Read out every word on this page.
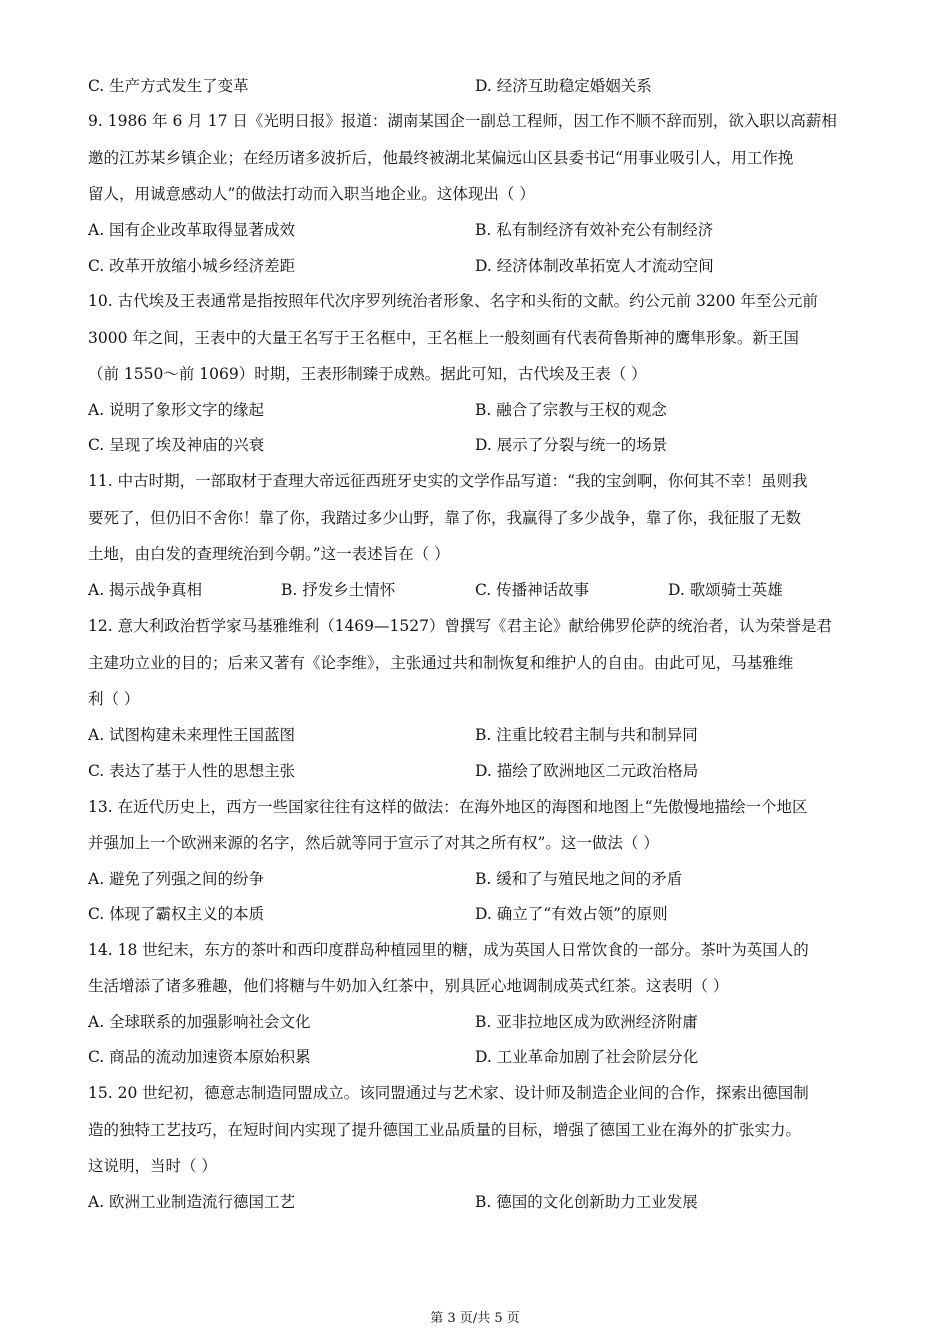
C. 生产方式发生了变革	D. 经济互助稳定婚姻关系
9. 1986 年 6 月 17 日《光明日报》报道：湖南某国企一副总工程师，因工作不顺不辞而别，欲入职以高薪相
邀的江苏某乡镇企业；在经历诸多波折后，他最终被湖北某偏远山区县委书记“用事业吸引人，用工作挽
留人，用诚意感动人”的做法打动而入职当地企业。这体现出（ ）
A. 国有企业改革取得显著成效	B. 私有制经济有效补充公有制经济
C. 改革开放缩小城乡经济差距	D. 经济体制改革拓宽人才流动空间
10. 古代埃及王表通常是指按照年代次序罗列统治者形象、名字和头衔的文献。约公元前 3200 年至公元前
3000 年之间，王表中的大量王名写于王名框中，王名框上一般刻画有代表荷鲁斯神的鹰隼形象。新王国
（前 1550～前 1069）时期，王表形制臻于成熟。据此可知，古代埃及王表（ ）
A. 说明了象形文字的缘起	B. 融合了宗教与王权的观念
C. 呈现了埃及神庙的兴衰	D. 展示了分裂与统一的场景
11. 中古时期，一部取材于查理大帝远征西班牙史实的文学作品写道：“我的宝剑啊，你何其不幸！虽则我
要死了，但仍旧不舍你！靠了你，我踏过多少山野，靠了你，我赢得了多少战争，靠了你，我征服了无数
土地，由白发的查理统治到今朝。”这一表述旨在（ ）
A. 揭示战争真相	B. 抒发乡土情怀	C. 传播神话故事	D. 歌颂骑士英雄
12. 意大利政治哲学家马基雅维利（1469—1527）曾撰写《君主论》献给佛罗伦萨的统治者，认为荣誉是君
主建功立业的目的；后来又著有《论李维》，主张通过共和制恢复和维护人的自由。由此可见，马基雅维
利（ ）
A. 试图构建未来理性王国蓝图	B. 注重比较君主制与共和制异同
C. 表达了基于人性的思想主张	D. 描绘了欧洲地区二元政治格局
13. 在近代历史上，西方一些国家往往有这样的做法：在海外地区的海图和地图上“先傲慢地描绘一个地区
并强加上一个欧洲来源的名字，然后就等同于宣示了对其之所有权”。这一做法（ ）
A. 避免了列强之间的纷争	B. 缓和了与殖民地之间的矛盾
C. 体现了霸权主义的本质	D. 确立了“有效占领”的原则
14. 18 世纪末，东方的茶叶和西印度群岛种植园里的糖，成为英国人日常饮食的一部分。茶叶为英国人的
生活增添了诸多雅趣，他们将糖与牛奶加入红茶中，别具匠心地调制成英式红茶。这表明（ ）
A. 全球联系的加强影响社会文化	B. 亚非拉地区成为欧洲经济附庸
C. 商品的流动加速资本原始积累	D. 工业革命加剧了社会阶层分化
15. 20 世纪初，德意志制造同盟成立。该同盟通过与艺术家、设计师及制造企业间的合作，探索出德国制
造的独特工艺技巧，在短时间内实现了提升德国工业品质量的目标，增强了德国工业在海外的扩张实力。
这说明，当时（ ）
A. 欧洲工业制造流行德国工艺	B. 德国的文化创新助力工业发展
第 3 页/共 5 页
